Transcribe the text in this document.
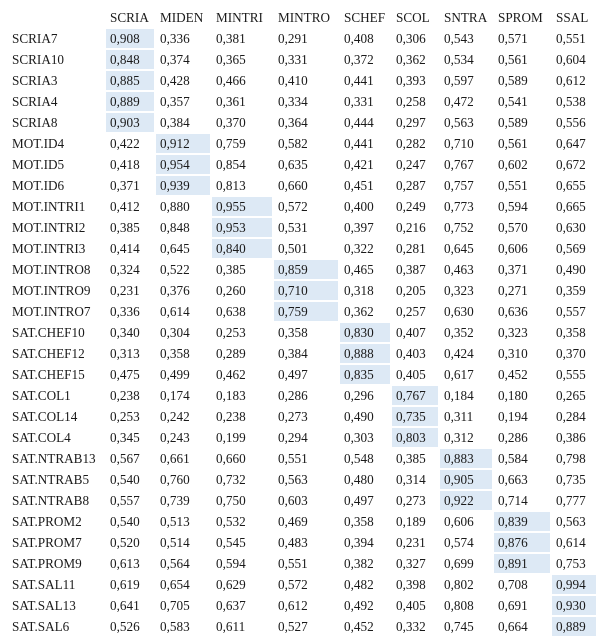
	SCRIA	MIDEN	MINTRI	MINTRO	SCHEF	SCOL	SNTRA	SPROM	SSAL
SCRIA7	0,908	0,336	0,381	0,291	0,408	0,306	0,543	0,571	0,551
SCRIA10	0,848	0,374	0,365	0,331	0,372	0,362	0,534	0,561	0,604
SCRIA3	0,885	0,428	0,466	0,410	0,441	0,393	0,597	0,589	0,612
SCRIA4	0,889	0,357	0,361	0,334	0,331	0,258	0,472	0,541	0,538
SCRIA8	0,903	0,384	0,370	0,364	0,444	0,297	0,563	0,589	0,556
MOT.ID4	0,422	0,912	0,759	0,582	0,441	0,282	0,710	0,561	0,647
MOT.ID5	0,418	0,954	0,854	0,635	0,421	0,247	0,767	0,602	0,672
MOT.ID6	0,371	0,939	0,813	0,660	0,451	0,287	0,757	0,551	0,655
MOT.INTRI1	0,412	0,880	0,955	0,572	0,400	0,249	0,773	0,594	0,665
MOT.INTRI2	0,385	0,848	0,953	0,531	0,397	0,216	0,752	0,570	0,630
MOT.INTRI3	0,414	0,645	0,840	0,501	0,322	0,281	0,645	0,606	0,569
MOT.INTRO8	0,324	0,522	0,385	0,859	0,465	0,387	0,463	0,371	0,490
MOT.INTRO9	0,231	0,376	0,260	0,710	0,318	0,205	0,323	0,271	0,359
MOT.INTRO7	0,336	0,614	0,638	0,759	0,362	0,257	0,630	0,636	0,557
SAT.CHEF10	0,340	0,304	0,253	0,358	0,830	0,407	0,352	0,323	0,358
SAT.CHEF12	0,313	0,358	0,289	0,384	0,888	0,403	0,424	0,310	0,370
SAT.CHEF15	0,475	0,499	0,462	0,497	0,835	0,405	0,617	0,452	0,555
SAT.COL1	0,238	0,174	0,183	0,286	0,296	0,767	0,184	0,180	0,265
SAT.COL14	0,253	0,242	0,238	0,273	0,490	0,735	0,311	0,194	0,284
SAT.COL4	0,345	0,243	0,199	0,294	0,303	0,803	0,312	0,286	0,386
SAT.NTRAB13	0,567	0,661	0,660	0,551	0,548	0,385	0,883	0,584	0,798
SAT.NTRAB5	0,540	0,760	0,732	0,563	0,480	0,314	0,905	0,663	0,735
SAT.NTRAB8	0,557	0,739	0,750	0,603	0,497	0,273	0,922	0,714	0,777
SAT.PROM2	0,540	0,513	0,532	0,469	0,358	0,189	0,606	0,839	0,563
SAT.PROM7	0,520	0,514	0,545	0,483	0,394	0,231	0,574	0,876	0,614
SAT.PROM9	0,613	0,564	0,594	0,551	0,382	0,327	0,699	0,891	0,753
SAT.SAL11	0,619	0,654	0,629	0,572	0,482	0,398	0,802	0,708	0,994
SAT.SAL13	0,641	0,705	0,637	0,612	0,492	0,405	0,808	0,691	0,930
SAT.SAL6	0,526	0,583	0,611	0,527	0,452	0,332	0,745	0,664	0,889
